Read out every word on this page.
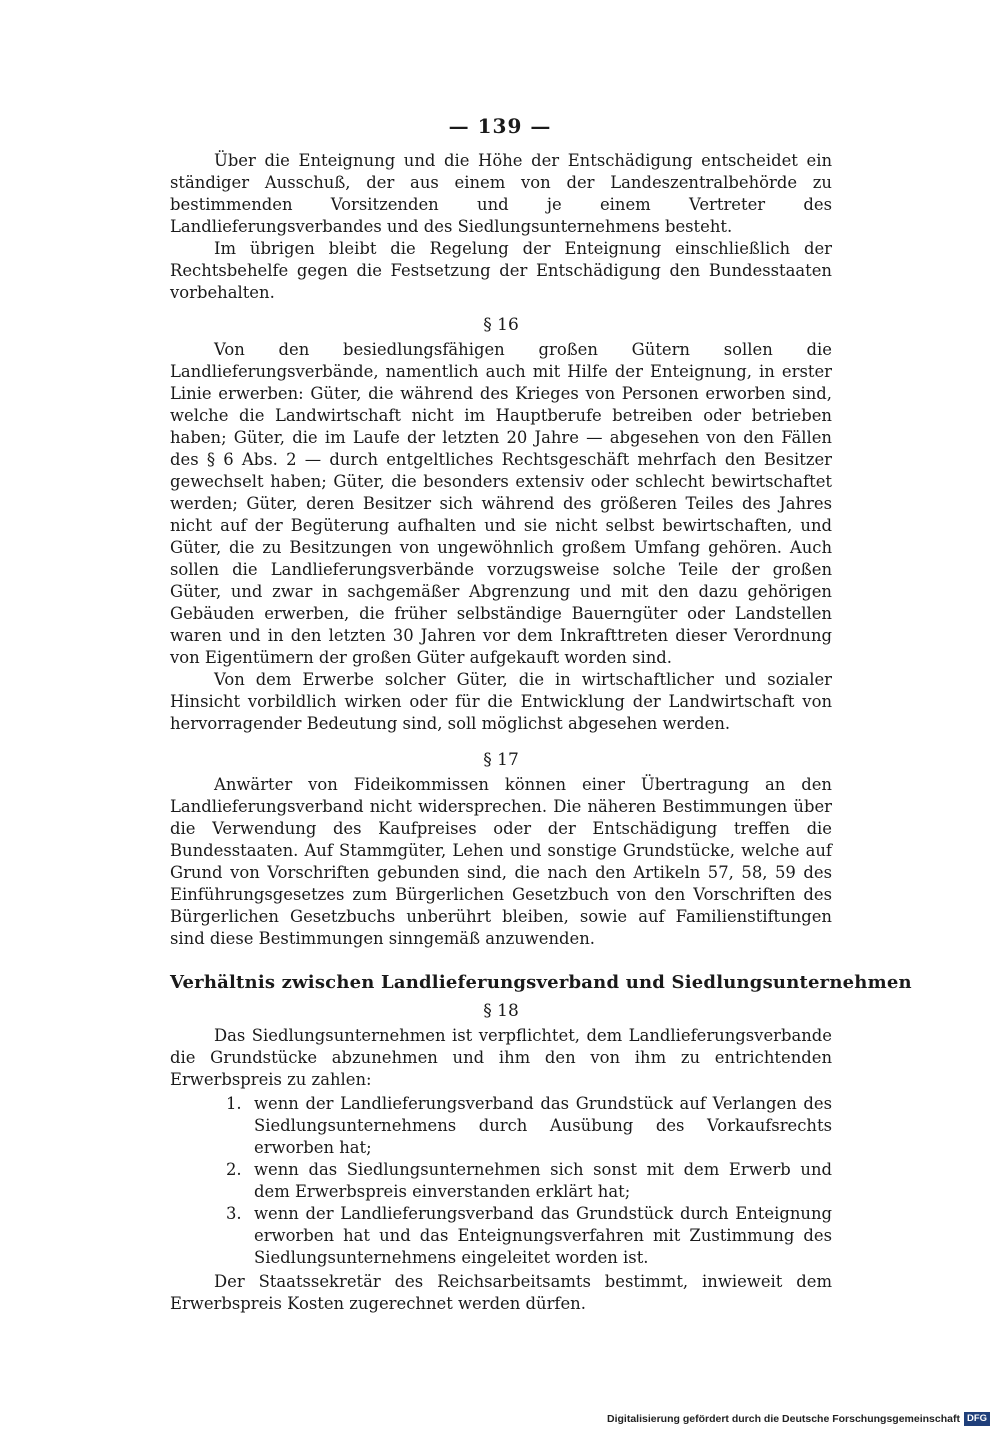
— 139 —

Über die Enteignung und die Höhe der Entschädigung entscheidet ein ständiger Ausschuß, der aus einem von der Landeszentralbehörde zu bestimmenden Vorsitzenden und je einem Vertreter des Landlieferungsverbandes und des Siedlungsunternehmens besteht.

Im übrigen bleibt die Regelung der Enteignung einschließlich der Rechtsbehelfe gegen die Festsetzung der Entschädigung den Bundesstaaten vorbehalten.

§ 16

Von den besiedlungsfähigen großen Gütern sollen die Landlieferungsverbände, namentlich auch mit Hilfe der Enteignung, in erster Linie erwerben: Güter, die während des Krieges von Personen erworben sind, welche die Landwirtschaft nicht im Hauptberufe betreiben oder betrieben haben; Güter, die im Laufe der letzten 20 Jahre — abgesehen von den Fällen des § 6 Abs. 2 — durch entgeltliches Rechtsgeschäft mehrfach den Besitzer gewechselt haben; Güter, die besonders extensiv oder schlecht bewirtschaftet werden; Güter, deren Besitzer sich während des größeren Teiles des Jahres nicht auf der Begüterung aufhalten und sie nicht selbst bewirtschaften, und Güter, die zu Besitzungen von ungewöhnlich großem Umfang gehören. Auch sollen die Landlieferungsverbände vorzugsweise solche Teile der großen Güter, und zwar in sachgemäßer Abgrenzung und mit den dazu gehörigen Gebäuden erwerben, die früher selbständige Bauerngüter oder Landstellen waren und in den letzten 30 Jahren vor dem Inkrafttreten dieser Verordnung von Eigentümern der großen Güter aufgekauft worden sind.

Von dem Erwerbe solcher Güter, die in wirtschaftlicher und sozialer Hinsicht vorbildlich wirken oder für die Entwicklung der Landwirtschaft von hervorragender Bedeutung sind, soll möglichst abgesehen werden.

§ 17

Anwärter von Fideikommissen können einer Übertragung an den Landlieferungsverband nicht widersprechen. Die näheren Bestimmungen über die Verwendung des Kaufpreises oder der Entschädigung treffen die Bundesstaaten. Auf Stammgüter, Lehen und sonstige Grundstücke, welche auf Grund von Vorschriften gebunden sind, die nach den Artikeln 57, 58, 59 des Einführungsgesetzes zum Bürgerlichen Gesetzbuch von den Vorschriften des Bürgerlichen Gesetzbuchs unberührt bleiben, sowie auf Familienstiftungen sind diese Bestimmungen sinngemäß anzuwenden.

Verhältnis zwischen Landlieferungsverband und Siedlungsunternehmen
§ 18

Das Siedlungsunternehmen ist verpflichtet, dem Landlieferungsverbande die Grundstücke abzunehmen und ihm den von ihm zu entrichtenden Erwerbspreis zu zahlen:

1. wenn der Landlieferungsverband das Grundstück auf Verlangen des Siedlungsunternehmens durch Ausübung des Vorkaufsrechts erworben hat;
2. wenn das Siedlungsunternehmen sich sonst mit dem Erwerb und dem Erwerbspreis einverstanden erklärt hat;
3. wenn der Landlieferungsverband das Grundstück durch Enteignung erworben hat und das Enteignungsverfahren mit Zustimmung des Siedlungsunternehmens eingeleitet worden ist.

Der Staatssekretär des Reichsarbeitsamts bestimmt, inwieweit dem Erwerbspreis Kosten zugerechnet werden dürfen.

Digitalisierung gefördert durch die Deutsche Forschungsgemeinschaft DFG
